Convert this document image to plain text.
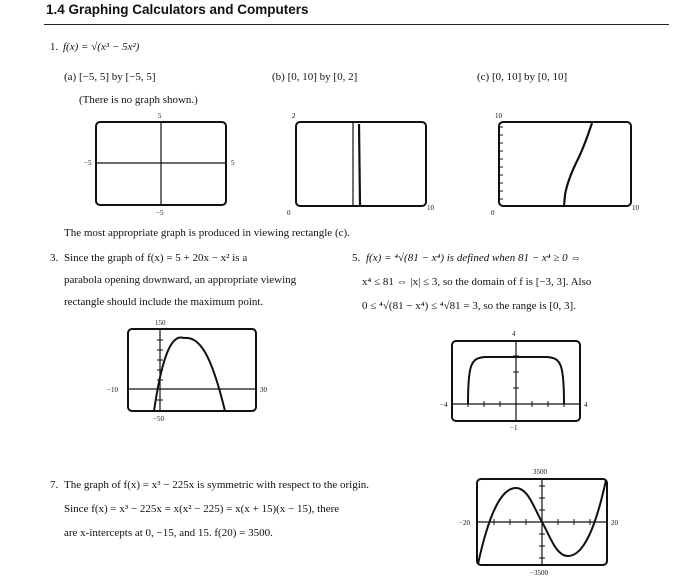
1.4 Graphing Calculators and Computers
1. f(x) = √(x³ − 5x²)
(a) [−5, 5] by [−5, 5]
(There is no graph shown.)
(b) [0, 10] by [0, 2]	(c) [0, 10] by [0, 10]
5
−5	5
−5
2
0
10
10
0
10
The most appropriate graph is produced in viewing rectangle (c).
3. Since the graph of f(x) = 5 + 20x − x² is a
parabola opening downward, an appropriate viewing
rectangle should include the maximum point.
150
−10	30
−50
5. f(x) = ⁴√(81 − x⁴) is defined when 81 − x⁴ ≥ 0 ⇔
x⁴ ≤ 81 ⇔ |x| ≤ 3, so the domain of f is [−3, 3]. Also
0 ≤ ⁴√(81 − x⁴) ≤ ⁴√81 = 3, so the range is [0, 3].
4
−4	4
−1
7. The graph of f(x) = x³ − 225x is symmetric with respect to the origin.
Since f(x) = x³ − 225x = x(x² − 225) = x(x + 15)(x − 15), there
are x-intercepts at 0, −15, and 15. f(20) = 3500.
3500
−20	20
−3500
